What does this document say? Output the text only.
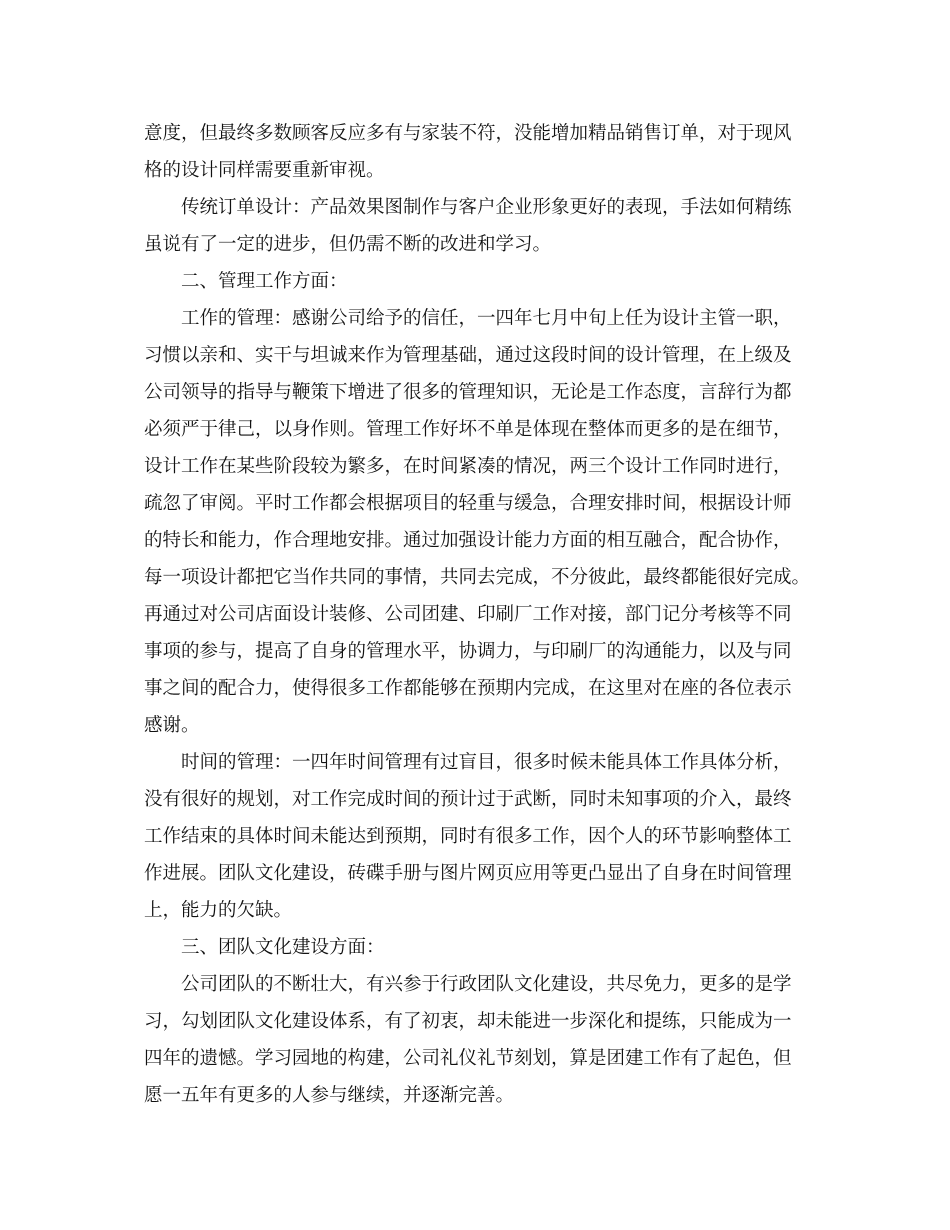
意度，但最终多数顾客反应多有与家装不符，没能增加精品销售订单，对于现风
格的设计同样需要重新审视。

传统订单设计：产品效果图制作与客户企业形象更好的表现，手法如何精练
虽说有了一定的进步，但仍需不断的改进和学习。

二、管理工作方面：

工作的管理：感谢公司给予的信任，一四年七月中旬上任为设计主管一职，
习惯以亲和、实干与坦诚来作为管理基础，通过这段时间的设计管理，在上级及
公司领导的指导与鞭策下增进了很多的管理知识，无论是工作态度，言辞行为都
必须严于律己，以身作则。管理工作好坏不单是体现在整体而更多的是在细节，
设计工作在某些阶段较为繁多，在时间紧凑的情况，两三个设计工作同时进行，
疏忽了审阅。平时工作都会根据项目的轻重与缓急，合理安排时间，根据设计师
的特长和能力，作合理地安排。通过加强设计能力方面的相互融合，配合协作，
每一项设计都把它当作共同的事情，共同去完成，不分彼此，最终都能很好完成。
再通过对公司店面设计装修、公司团建、印刷厂工作对接，部门记分考核等不同
事项的参与，提高了自身的管理水平，协调力，与印刷厂的沟通能力，以及与同
事之间的配合力，使得很多工作都能够在预期内完成，在这里对在座的各位表示
感谢。

时间的管理：一四年时间管理有过盲目，很多时候未能具体工作具体分析，
没有很好的规划，对工作完成时间的预计过于武断，同时未知事项的介入，最终
工作结束的具体时间未能达到预期，同时有很多工作，因个人的环节影响整体工
作进展。团队文化建设，砖碟手册与图片网页应用等更凸显出了自身在时间管理
上，能力的欠缺。

三、团队文化建设方面：

公司团队的不断壮大，有兴参于行政团队文化建设，共尽免力，更多的是学
习，勾划团队文化建设体系，有了初衷，却未能进一步深化和提练，只能成为一
四年的遗憾。学习园地的构建，公司礼仪礼节刻划，算是团建工作有了起色，但
愿一五年有更多的人参与继续，并逐渐完善。
